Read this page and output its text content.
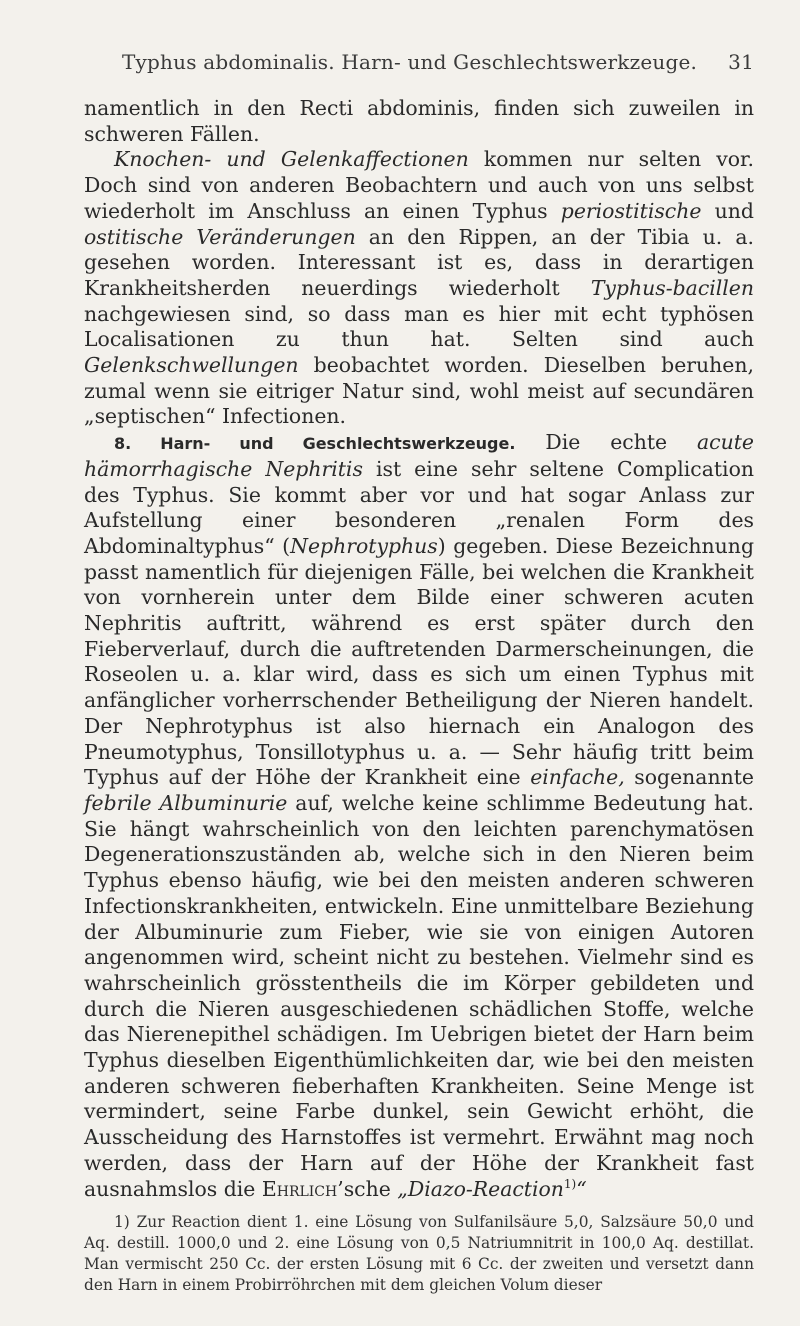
Typhus abdominalis. Harn- und Geschlechtswerkzeuge. 31

namentlich in den Recti abdominis, finden sich zuweilen in schweren Fällen.

Knochen- und Gelenkaffectionen kommen nur selten vor. Doch sind von anderen Beobachtern und auch von uns selbst wiederholt im Anschluss an einen Typhus periostitische und ostitische Veränderungen an den Rippen, an der Tibia u. a. gesehen worden. Interessant ist es, dass in derartigen Krankheitsherden neuerdings wiederholt Typhus-bacillen nachgewiesen sind, so dass man es hier mit echt typhösen Localisationen zu thun hat. Selten sind auch Gelenkschwellungen beobachtet worden. Dieselben beruhen, zumal wenn sie eitriger Natur sind, wohl meist auf secundären „septischen“ Infectionen.

8. Harn- und Geschlechtswerkzeuge. Die echte acute hämorrhagische Nephritis ist eine sehr seltene Complication des Typhus. Sie kommt aber vor und hat sogar Anlass zur Aufstellung einer besonderen „renalen Form des Abdominaltyphus“ (Nephrotyphus) gegeben. Diese Bezeichnung passt namentlich für diejenigen Fälle, bei welchen die Krankheit von vornherein unter dem Bilde einer schweren acuten Nephritis auftritt, während es erst später durch den Fieberverlauf, durch die auftretenden Darmerscheinungen, die Roseolen u. a. klar wird, dass es sich um einen Typhus mit anfänglicher vorherrschender Betheiligung der Nieren handelt. Der Nephrotyphus ist also hiernach ein Analogon des Pneumotyphus, Tonsillotyphus u. a. — Sehr häufig tritt beim Typhus auf der Höhe der Krankheit eine einfache, sogenannte febrile Albuminurie auf, welche keine schlimme Bedeutung hat. Sie hängt wahrscheinlich von den leichten parenchymatösen Degenerationszuständen ab, welche sich in den Nieren beim Typhus ebenso häufig, wie bei den meisten anderen schweren Infectionskrankheiten, entwickeln. Eine unmittelbare Beziehung der Albuminurie zum Fieber, wie sie von einigen Autoren angenommen wird, scheint nicht zu bestehen. Vielmehr sind es wahrscheinlich grösstentheils die im Körper gebildeten und durch die Nieren ausgeschiedenen schädlichen Stoffe, welche das Nierenepithel schädigen. Im Uebrigen bietet der Harn beim Typhus dieselben Eigenthümlichkeiten dar, wie bei den meisten anderen schweren fieberhaften Krankheiten. Seine Menge ist vermindert, seine Farbe dunkel, sein Gewicht erhöht, die Ausscheidung des Harnstoffes ist vermehrt. Erwähnt mag noch werden, dass der Harn auf der Höhe der Krankheit fast ausnahmslos die Ehrlich’sche „Diazo-Reaction$^{1)}$“

1) Zur Reaction dient 1. eine Lösung von Sulfanilsäure 5,0, Salzsäure 50,0 und Aq. destill. 1000,0 und 2. eine Lösung von 0,5 Natriumnitrit in 100,0 Aq. destillat. Man vermischt 250 Cc. der ersten Lösung mit 6 Cc. der zweiten und versetzt dann den Harn in einem Probirröhrchen mit dem gleichen Volum dieser
